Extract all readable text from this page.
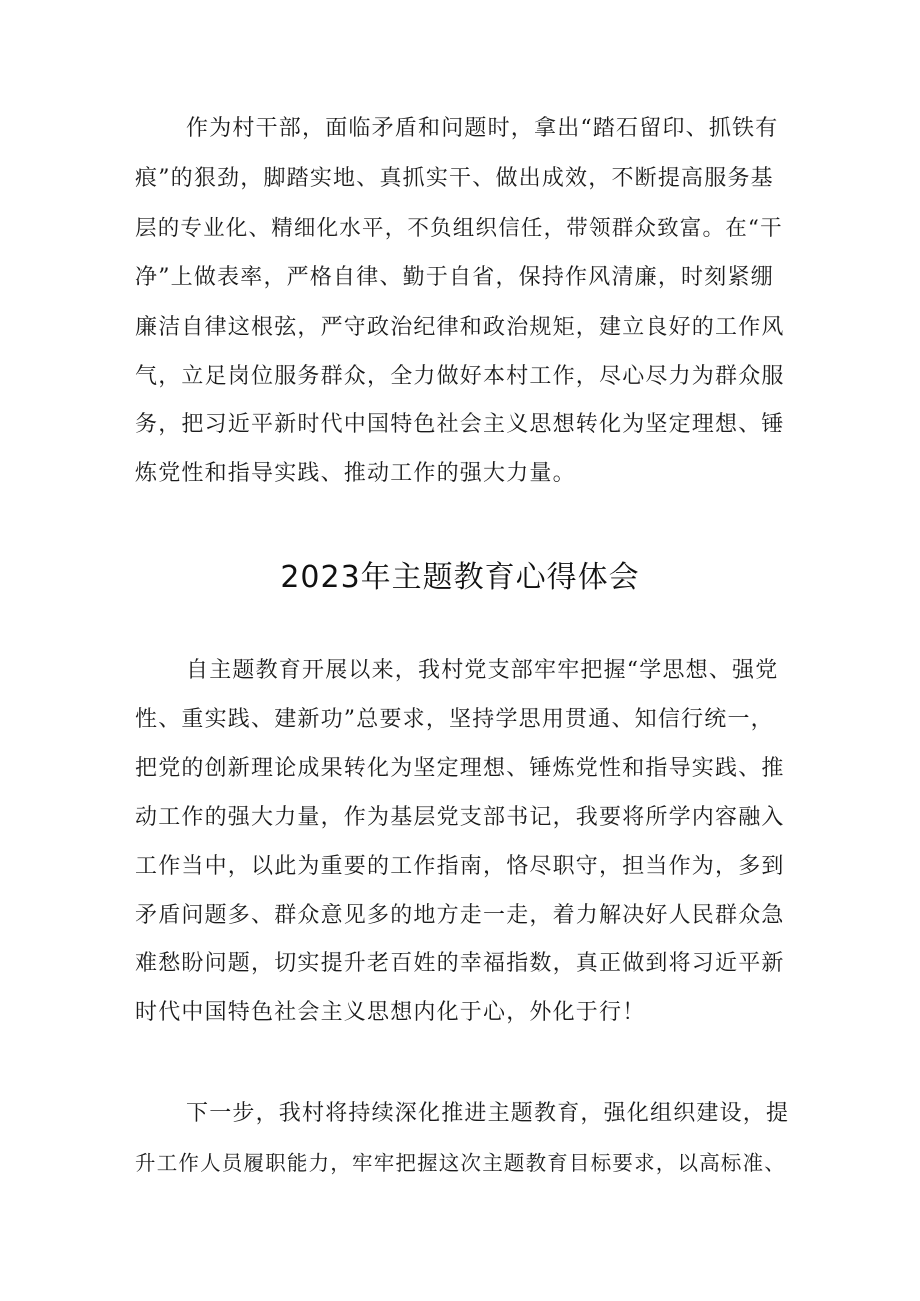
作为村干部，面临矛盾和问题时，拿出“踏石留印、抓铁有
痕”的狠劲，脚踏实地、真抓实干、做出成效，不断提高服务基
层的专业化、精细化水平，不负组织信任，带领群众致富。在“干
净”上做表率，严格自律、勤于自省，保持作风清廉，时刻紧绷
廉洁自律这根弦，严守政治纪律和政治规矩，建立良好的工作风
气，立足岗位服务群众，全力做好本村工作，尽心尽力为群众服
务，把习近平新时代中国特色社会主义思想转化为坚定理想、锤
炼党性和指导实践、推动工作的强大力量。
2023年主题教育心得体会
自主题教育开展以来，我村党支部牢牢把握“学思想、强党
性、重实践、建新功”总要求，坚持学思用贯通、知信行统一，
把党的创新理论成果转化为坚定理想、锤炼党性和指导实践、推
动工作的强大力量，作为基层党支部书记，我要将所学内容融入
工作当中，以此为重要的工作指南，恪尽职守，担当作为，多到
矛盾问题多、群众意见多的地方走一走，着力解决好人民群众急
难愁盼问题，切实提升老百姓的幸福指数，真正做到将习近平新
时代中国特色社会主义思想内化于心，外化于行！
下一步，我村将持续深化推进主题教育，强化组织建设，提
升工作人员履职能力，牢牢把握这次主题教育目标要求，以高标准、
